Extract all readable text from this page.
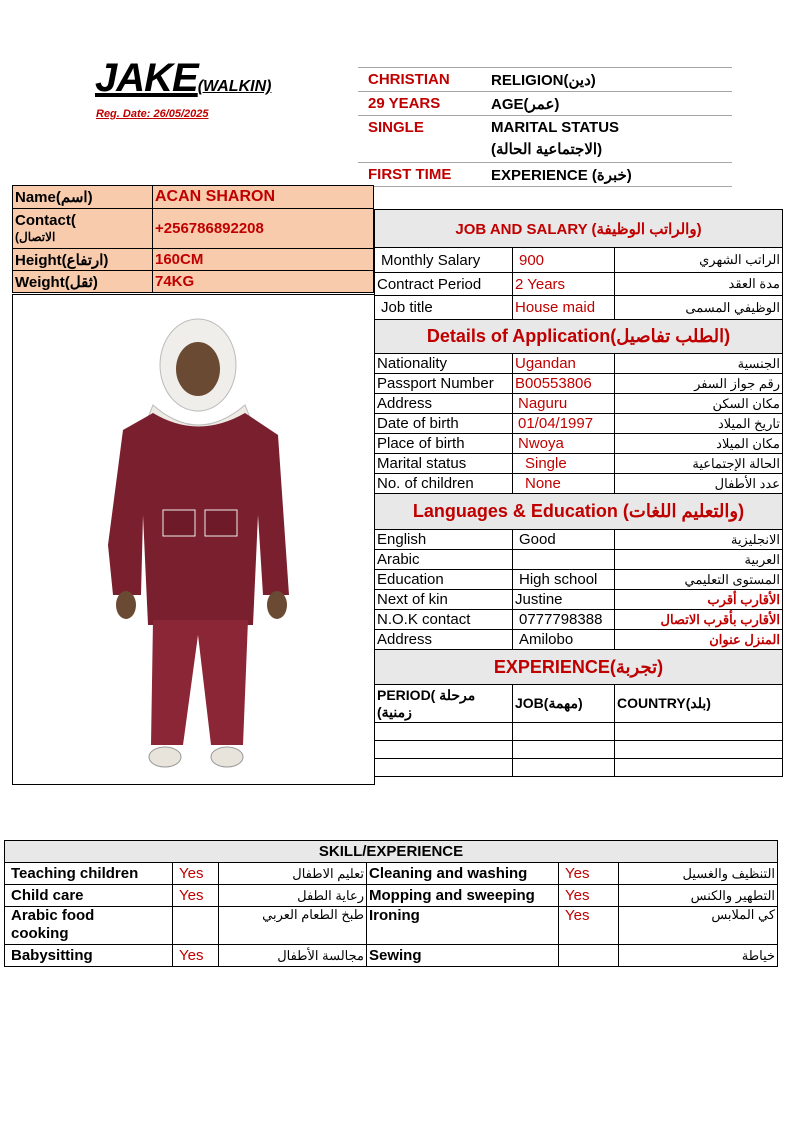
JAKE(WALKIN)
Reg. Date: 26/05/2025
CHRISTIAN	RELIGION(دين)
29 YEARS	AGE(عمر)
SINGLE	MARITAL STATUS
(الاجتماعية الحالة)
FIRST TIME	EXPERIENCE (خبرة)
Name(اسم)	ACAN SHARON

Contact(
(الاتصال	+256786892208
Height(ارتفاع)	160CM
Weight(ثقل)	74KG
JOB AND SALARY (والراتب الوظيفة)		
Monthly Salary	900	الراتب الشهري
Contract Period	2 Years	مدة العقد
Job title	House maid	الوظيفي المسمى
Details of Application(الطلب تفاصيل)		
Nationality	Ugandan	الجنسية
Passport Number	B00553806	رقم جواز السفر
Address	Naguru	مكان السكن
Date of birth	01/04/1997	تاريخ الميلاد
Place of birth	Nwoya	مكان الميلاد
Marital status	Single	الحالة الإجتماعية
No. of children	None	عدد الأطفال
Languages & Education (والتعليم اللغات)		
English	Good	الانجليزية
Arabic		العربية
Education	High school	المستوى التعليمي
Next of kin	Justine	الأقارب أقرب
N.O.K contact	0777798388	الأقارب بأقرب الاتصال
Address	Amilobo	المنزل عنوان
EXPERIENCE(تجربة)		

PERIOD( مرحلة
(زمنية	JOB(مهمة)	COUNTRY(بلد)

SKILL/EXPERIENCE					
Teaching children	Yes	تعليم الاطفال	Cleaning and washing	Yes	التنظيف والغسيل
Child care	Yes	رعاية الطفل	Mopping and sweeping	Yes	التطهير والكنس

Arabic food
cooking		طبخ الطعام العربي	Ironing	Yes	كي الملابس
Babysitting	Yes	مجالسة الأطفال	Sewing		خياطة
